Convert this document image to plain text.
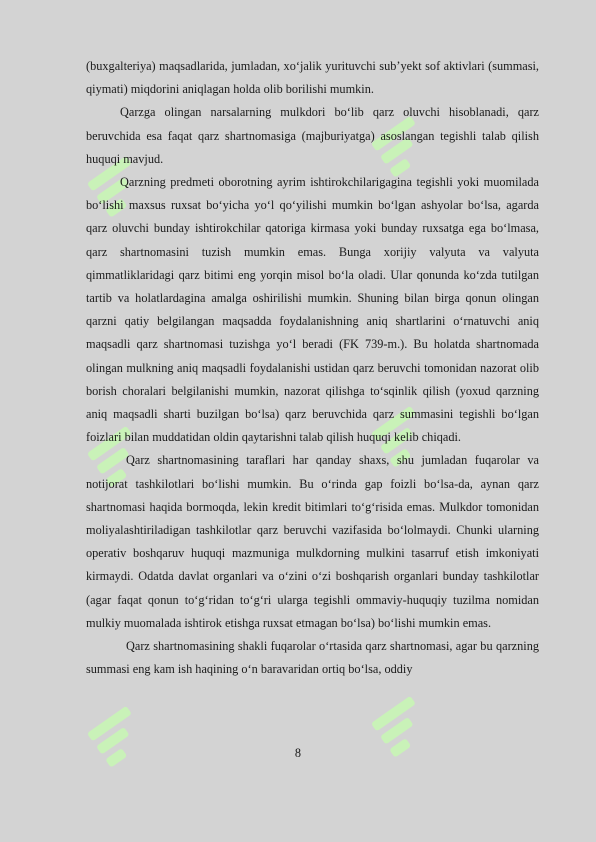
(buxgalteriya) maqsadlarida, jumladan, xo‘jalik yurituvchi sub’yekt sof aktivlari (summasi, qiymati) miqdorini aniqlagan holda olib borilishi mumkin.

Qarzga olingan narsalarning mulkdori bo‘lib qarz oluvchi hisoblanadi, qarz beruvchida esa faqat qarz shartnomasiga (majburiyatga) asoslangan tegishli talab qilish huquqi mavjud.

Qarzning predmeti oborotning ayrim ishtirokchilarigagina tegishli yoki muomilada bo‘lishi maxsus ruxsat bo‘yicha yo‘l qo‘yilishi mumkin bo‘lgan ashyolar bo‘lsa, agarda qarz oluvchi bunday ishtirokchilar qatoriga kirmasa yoki bunday ruxsatga ega bo‘lmasa, qarz shartnomasini tuzish mumkin emas. Bunga xorijiy valyuta va valyuta qimmatliklaridagi qarz bitimi eng yorqin misol bo‘la oladi. Ular qonunda ko‘zda tutilgan tartib va holatlardagina amalga oshirilishi mumkin. Shuning bilan birga qonun olingan qarzni qatiy belgilangan maqsadda foydalanishning aniq shartlarini o‘rnatuvchi aniq maqsadli qarz shartnomasi tuzishga yo‘l beradi (FK 739-m.). Bu holatda shartnomada olingan mulkning aniq maqsadli foydalanishi ustidan qarz beruvchi tomonidan nazorat olib borish choralari belgilanishi mumkin, nazorat qilishga to‘sqinlik qilish (yoxud qarzning aniq maqsadli sharti buzilgan bo‘lsa) qarz beruvchida qarz summasini tegishli bo‘lgan foizlari bilan muddatidan oldin qaytarishni talab qilish huquqi kelib chiqadi.

Qarz shartnomasining taraflari har qanday shaxs, shu jumladan fuqarolar va notijorat tashkilotlari bo‘lishi mumkin. Bu o‘rinda gap foizli bo‘lsa-da, aynan qarz shartnomasi haqida bormoqda, lekin kredit bitimlari to‘g‘risida emas. Mulkdor tomonidan moliyalashtiriladigan tashkilotlar qarz beruvchi vazifasida bo‘lolmaydi. Chunki ularning operativ boshqaruv huquqi mazmuniga mulkdorning mulkini tasarruf etish imkoniyati kirmaydi. Odatda davlat organlari va o‘zini o‘zi boshqarish organlari bunday tashkilotlar (agar faqat qonun to‘g‘ridan to‘g‘ri ularga tegishli ommaviy-huquqiy tuzilma nomidan mulkiy muomalada ishtirok etishga ruxsat etmagan bo‘lsa) bo‘lishi mumkin emas.

Qarz shartnomasining shakli fuqarolar o‘rtasida qarz shartnomasi, agar bu qarzning summasi eng kam ish haqining o‘n baravaridan ortiq bo‘lsa, oddiy

8
